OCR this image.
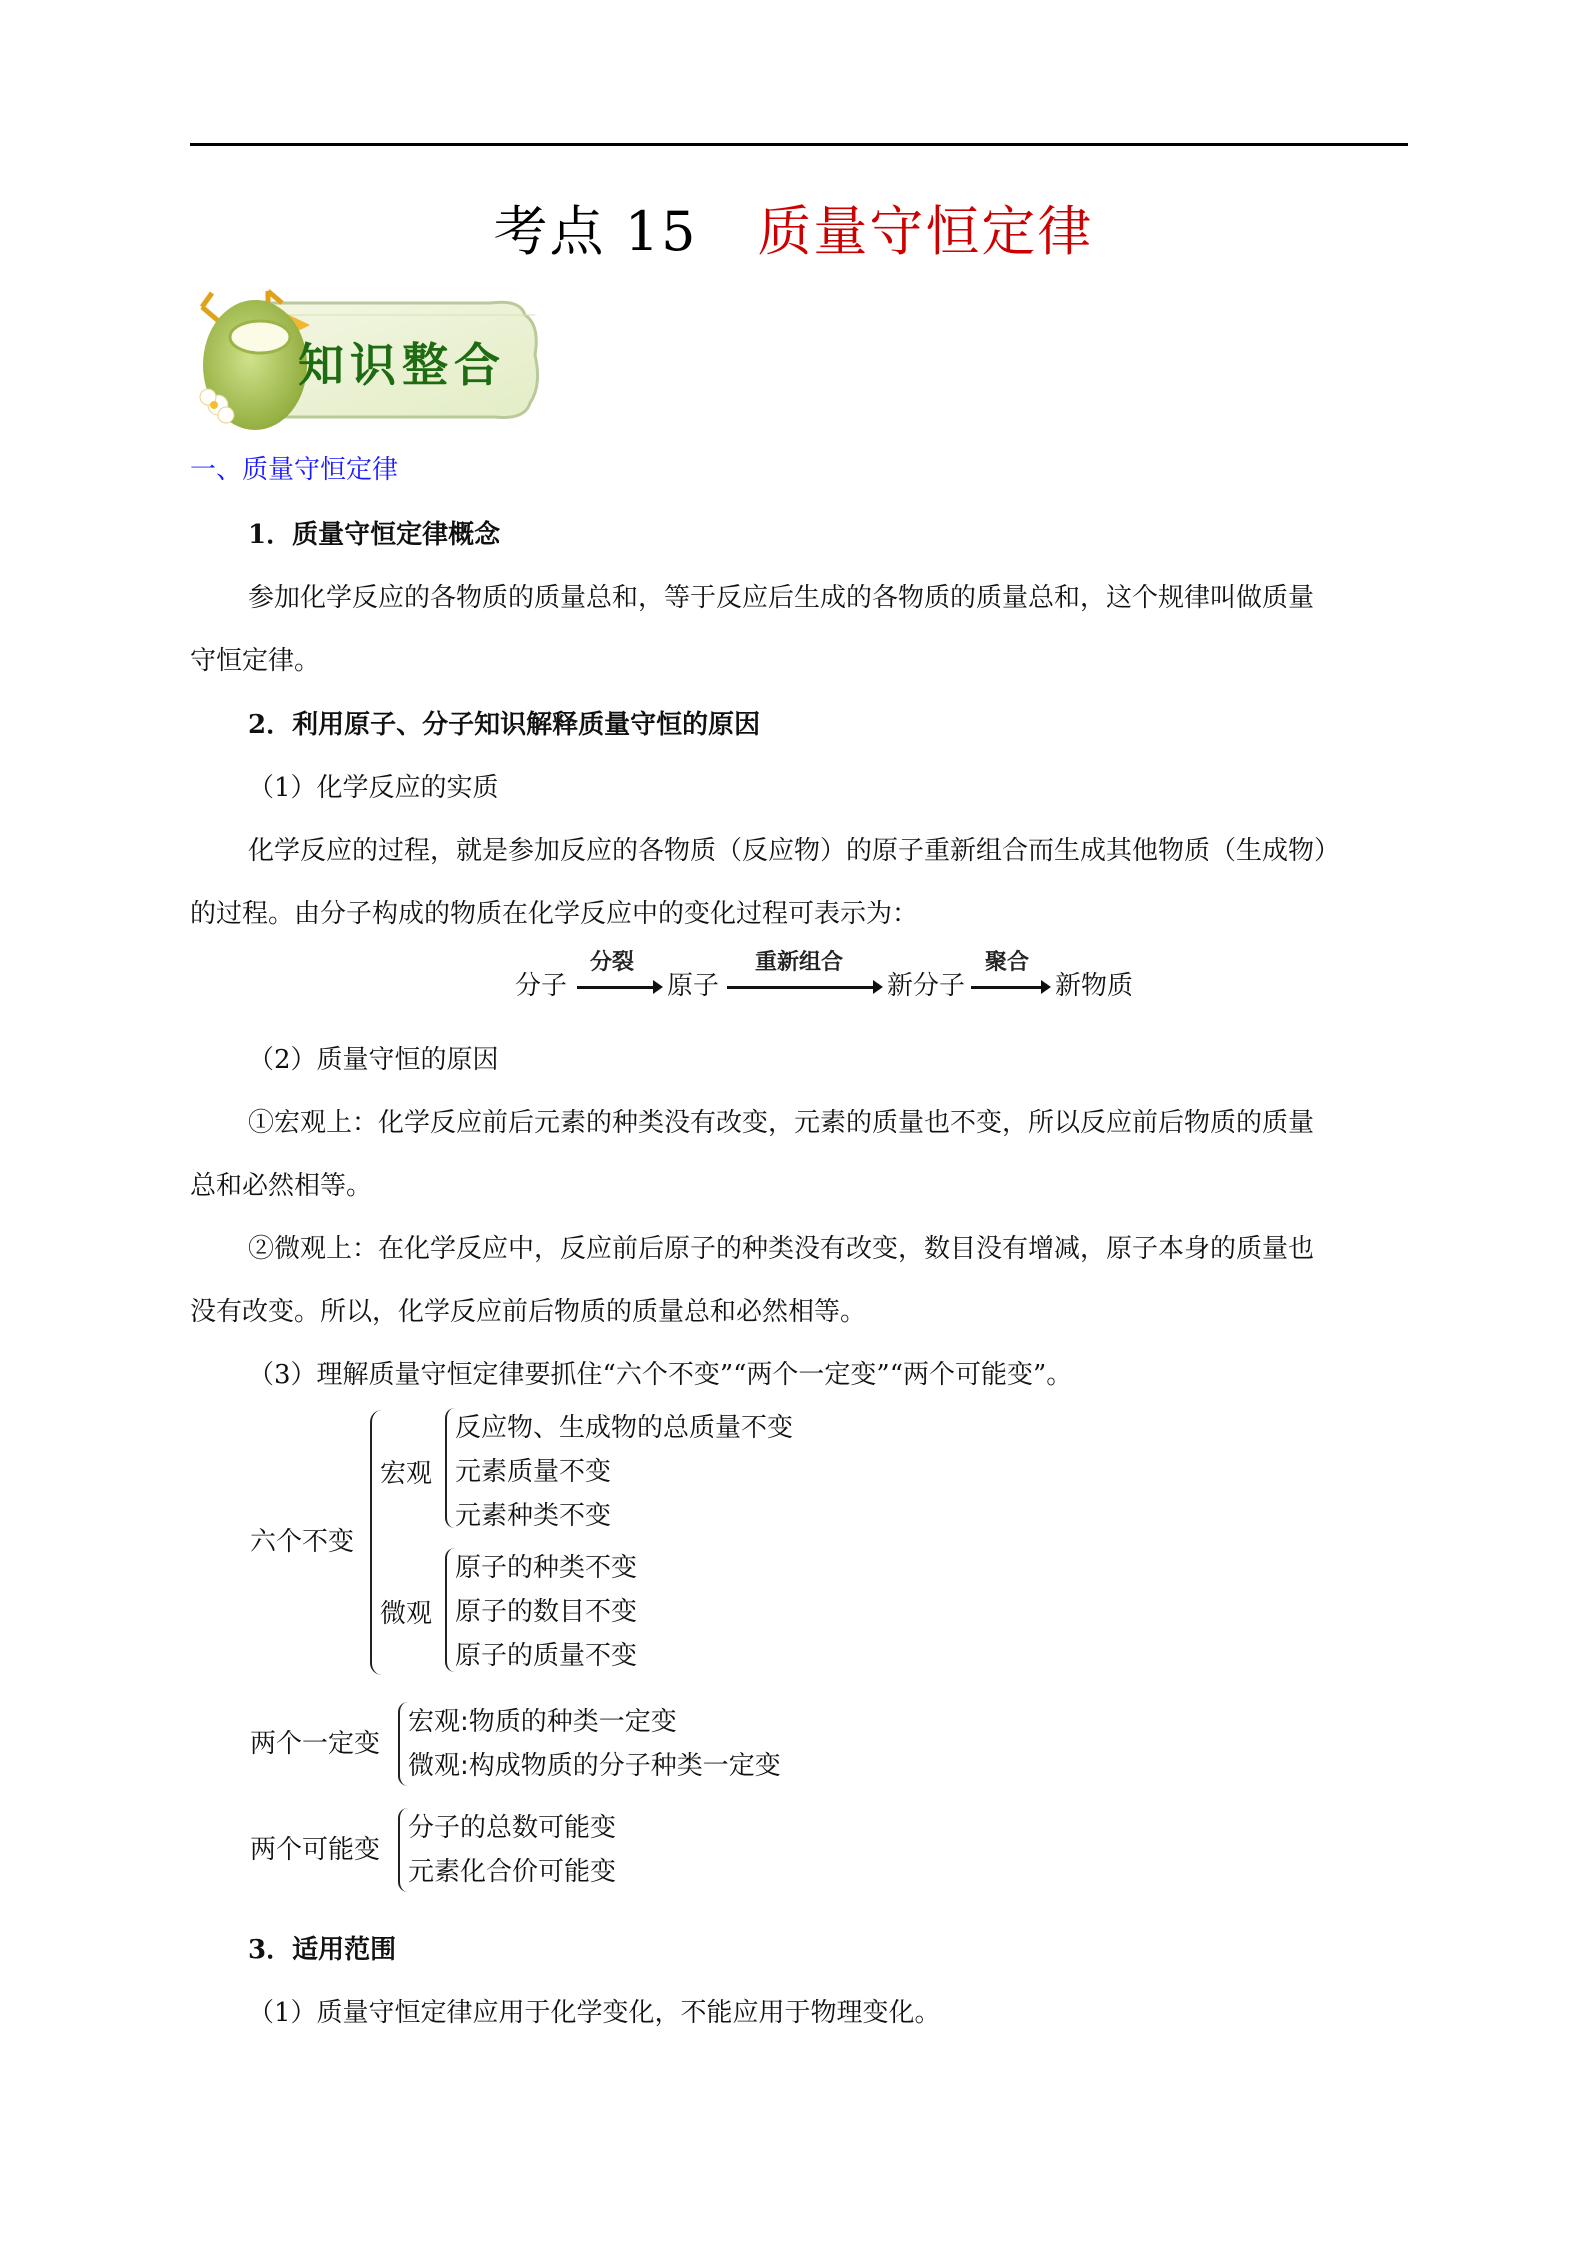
考点 15 质量守恒定律
知识整合
一、质量守恒定律
1．质量守恒定律概念
参加化学反应的各物质的质量总和，等于反应后生成的各物质的质量总和，这个规律叫做质量
守恒定律。
2．利用原子、分子知识解释质量守恒的原因
（1）化学反应的实质
化学反应的过程，就是参加反应的各物质（反应物）的原子重新组合而生成其他物质（生成物）
的过程。由分子构成的物质在化学反应中的变化过程可表示为：
分子
分裂
原子
重新组合
新分子
聚合
新物质
（2）质量守恒的原因
①宏观上：化学反应前后元素的种类没有改变，元素的质量也不变，所以反应前后物质的质量
总和必然相等。
②微观上：在化学反应中，反应前后原子的种类没有改变，数目没有增减，原子本身的质量也
没有改变。所以，化学反应前后物质的质量总和必然相等。
（3）理解质量守恒定律要抓住“六个不变”“两个一定变”“两个可能变”。
六个不变
宏观
反应物、生成物的总质量不变
元素质量不变
元素种类不变
微观
原子的种类不变
原子的数目不变
原子的质量不变
两个一定变
宏观:物质的种类一定变
微观:构成物质的分子种类一定变
两个可能变
分子的总数可能变
元素化合价可能变
3．适用范围
（1）质量守恒定律应用于化学变化，不能应用于物理变化。
